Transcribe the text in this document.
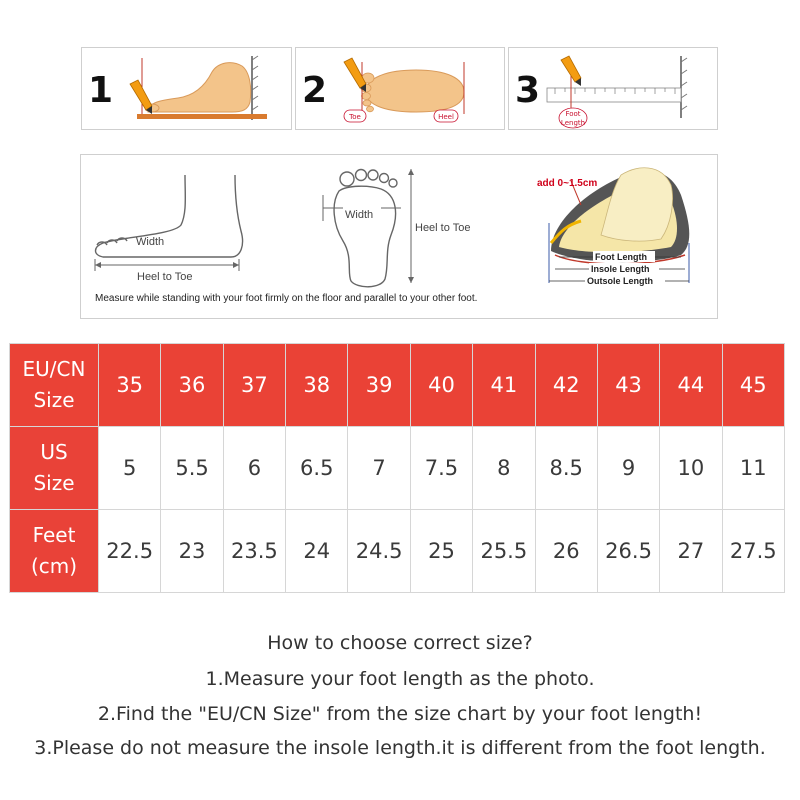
1	2
Toe	Heel
3
Foot
Length
Width
Heel to Toe
Width
Heel to Toe
add 0~1.5cm
Foot Length
Insole Length
Outsole Length
Measure while standing with your foot firmly on the floor and parallel to your other foot.
EU/CN
Size	35	36	37	38	39	40	41	42	43	44	45

US
Size	5	5.5	6	6.5	7	7.5	8	8.5	9	10	11

Feet
(cm)	22.5	23	23.5	24	24.5	25	25.5	26	26.5	27	27.5
How to choose correct size?
1.Measure your foot length as the photo.
2.Find the "EU/CN Size" from the size chart by your foot length!
3.Please do not measure the insole length.it is different from the foot length.
